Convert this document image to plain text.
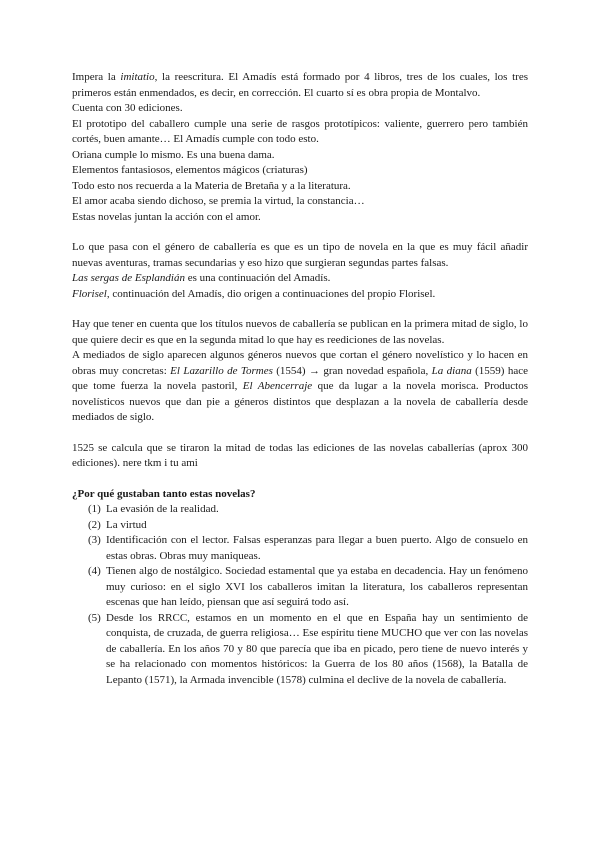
Impera la imitatio, la reescritura. El Amadís está formado por 4 libros, tres de los cuales, los tres primeros están enmendados, es decir, en corrección. El cuarto sí es obra propia de Montalvo.

Cuenta con 30 ediciones.

El prototipo del caballero cumple una serie de rasgos prototípicos: valiente, guerrero pero también cortés, buen amante… El Amadís cumple con todo esto.

Oriana cumple lo mismo. Es una buena dama.

Elementos fantasiosos, elementos mágicos (criaturas)

Todo esto nos recuerda a la Materia de Bretaña y a la literatura.

El amor acaba siendo dichoso, se premia la virtud, la constancia…

Estas novelas juntan la acción con el amor.

Lo que pasa con el género de caballería es que es un tipo de novela en la que es muy fácil añadir nuevas aventuras, tramas secundarias y eso hizo que surgieran segundas partes falsas.

Las sergas de Esplandián es una continuación del Amadís.

Florisel, continuación del Amadís, dio origen a continuaciones del propio Florisel.

Hay que tener en cuenta que los títulos nuevos de caballería se publican en la primera mitad de siglo, lo que quiere decir es que en la segunda mitad lo que hay es reediciones de las novelas.

A mediados de siglo aparecen algunos géneros nuevos que cortan el género novelístico y lo hacen en obras muy concretas: El Lazarillo de Tormes (1554) → gran novedad española, La diana (1559) hace que tome fuerza la novela pastoril, El Abencerraje que da lugar a la novela morisca. Productos novelísticos nuevos que dan pie a géneros distintos que desplazan a la novela de caballería desde mediados de siglo.

1525 se calcula que se tiraron la mitad de todas las ediciones de las novelas caballerías (aprox 300 ediciones). nere tkm i tu ami

¿Por qué gustaban tanto estas novelas?

(1) La evasión de la realidad.
(2) La virtud
(3) Identificación con el lector. Falsas esperanzas para llegar a buen puerto. Algo de consuelo en estas obras. Obras muy maniqueas.
(4) Tienen algo de nostálgico. Sociedad estamental que ya estaba en decadencia. Hay un fenómeno muy curioso: en el siglo XVI los caballeros imitan la literatura, los caballeros representan escenas que han leído, piensan que así seguirá todo así.
(5) Desde los RRCC, estamos en un momento en el que en España hay un sentimiento de conquista, de cruzada, de guerra religiosa… Ese espíritu tiene MUCHO que ver con las novelas de caballería. En los años 70 y 80 que parecía que iba en picado, pero tiene de nuevo interés y se ha relacionado con momentos históricos: la Guerra de los 80 años (1568), la Batalla de Lepanto (1571), la Armada invencible (1578) culmina el declive de la novela de caballería.
